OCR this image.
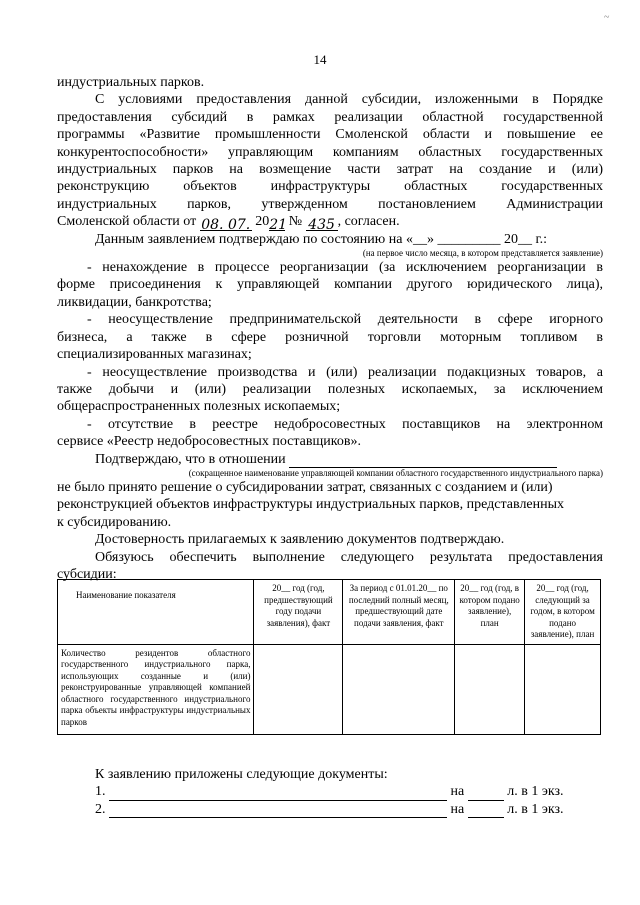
~
14
индустриальных парков.
С условиями предоставления данной субсидии, изложенными в Порядке
предоставления субсидий в рамках реализации областной государственной
программы «Развитие промышленности Смоленской области и повышение ее
конкурентоспособности» управляющим компаниям областных государственных
индустриальных парков на возмещение части затрат на создание и (или)
реконструкцию объектов инфраструктуры областных государственных
индустриальных парков, утвержденном постановлением Администрации
Смоленской области от 08. 07. 2021 № 435 , согласен.
Данным заявлением подтверждаю по состоянию на «__» _________ 20__ г.:
(на первое число месяца, в котором представляется заявление)
- ненахождение в процессе реорганизации (за исключением реорганизации в
форме присоединения к управляющей компании другого юридического лица),
ликвидации, банкротства;
- неосуществление предпринимательской деятельности в сфере игорного
бизнеса, а также в сфере розничной торговли моторным топливом в
специализированных магазинах;
- неосуществление производства и (или) реализации подакцизных товаров, а
также добычи и (или) реализации полезных ископаемых, за исключением
общераспространенных полезных ископаемых;
- отсутствие в реестре недобросовестных поставщиков на электронном
сервисе «Реестр недобросовестных поставщиков».
Подтверждаю, что в отношении
(сокращенное наименование управляющей компании областного государственного индустриального парка)
не было принято решение о субсидировании затрат, связанных с созданием и (или)
реконструкцией объектов инфраструктуры индустриальных парков, представленных
к субсидированию.
Достоверность прилагаемых к заявлению документов подтверждаю.
Обязуюсь обеспечить выполнение следующего результата предоставления
субсидии:
Наименование показателя	20__ год (год, предшествующий году подачи заявления), факт	За период с 01.01.20__ по последний полный месяц, предшествующий дате подачи заявления, факт	20__ год (год, в котором подано заявление), план	20__ год (год, следующий за годом, в котором подано заявление), план
Количество резидентов областного государственного индустриального парка, использующих созданные и (или) реконструированные управляющей компанией областного государственного индустриального парка объекты инфраструктуры индустриальных парков				
К заявлению приложены следующие документы:
1.	на	л. в 1 экз.
2.	на	л. в 1 экз.
